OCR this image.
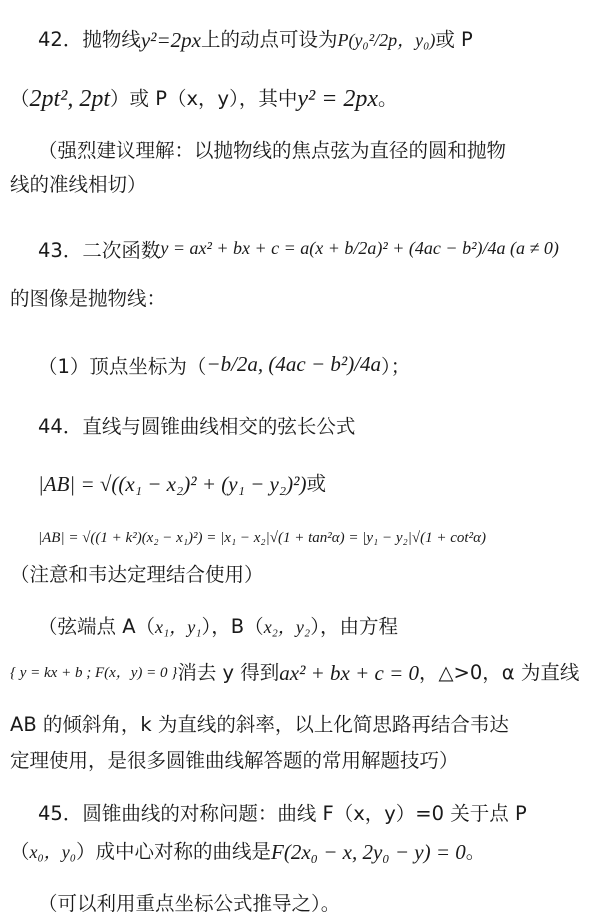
42．抛物线 y²=2px 上的动点可设为 P(y₀²/2p，y₀) 或 P
（ 2pt², 2pt ）或 P（x，y），其中 y² = 2px 。
（强烈建议理解：以抛物线的焦点弦为直径的圆和抛物
线的准线相切）
43．二次函数 y = ax² + bx + c = a(x + b/2a)² + (4ac − b²)/4a (a ≠ 0)
的图像是抛物线：
（1）顶点坐标为（ −b/2a, (4ac − b²)/4a ）；
44．直线与圆锥曲线相交的弦长公式
|AB| = √((x₁ − x₂)² + (y₁ − y₂)²) 或
|AB| = √((1 + k²)(x₂ − x₁)²) = |x₁ − x₂|√(1 + tan²α) = |y₁ − y₂|√(1 + cot²α)
（注意和韦达定理结合使用）
（弦端点 A（ x₁，y₁ ），B（ x₂，y₂ ），由方程
{ y = kx + b ; F(x，y) = 0 } 消去 y 得到 ax² + bx + c = 0 ，△>0，α 为直线
AB 的倾斜角，k 为直线的斜率，以上化简思路再结合韦达
定理使用，是很多圆锥曲线解答题的常用解题技巧）
45．圆锥曲线的对称问题：曲线 F（x，y）=0 关于点 P
（ x₀，y₀ ）成中心对称的曲线是 F(2x₀ − x, 2y₀ − y) = 0 。
（可以利用重点坐标公式推导之）。
